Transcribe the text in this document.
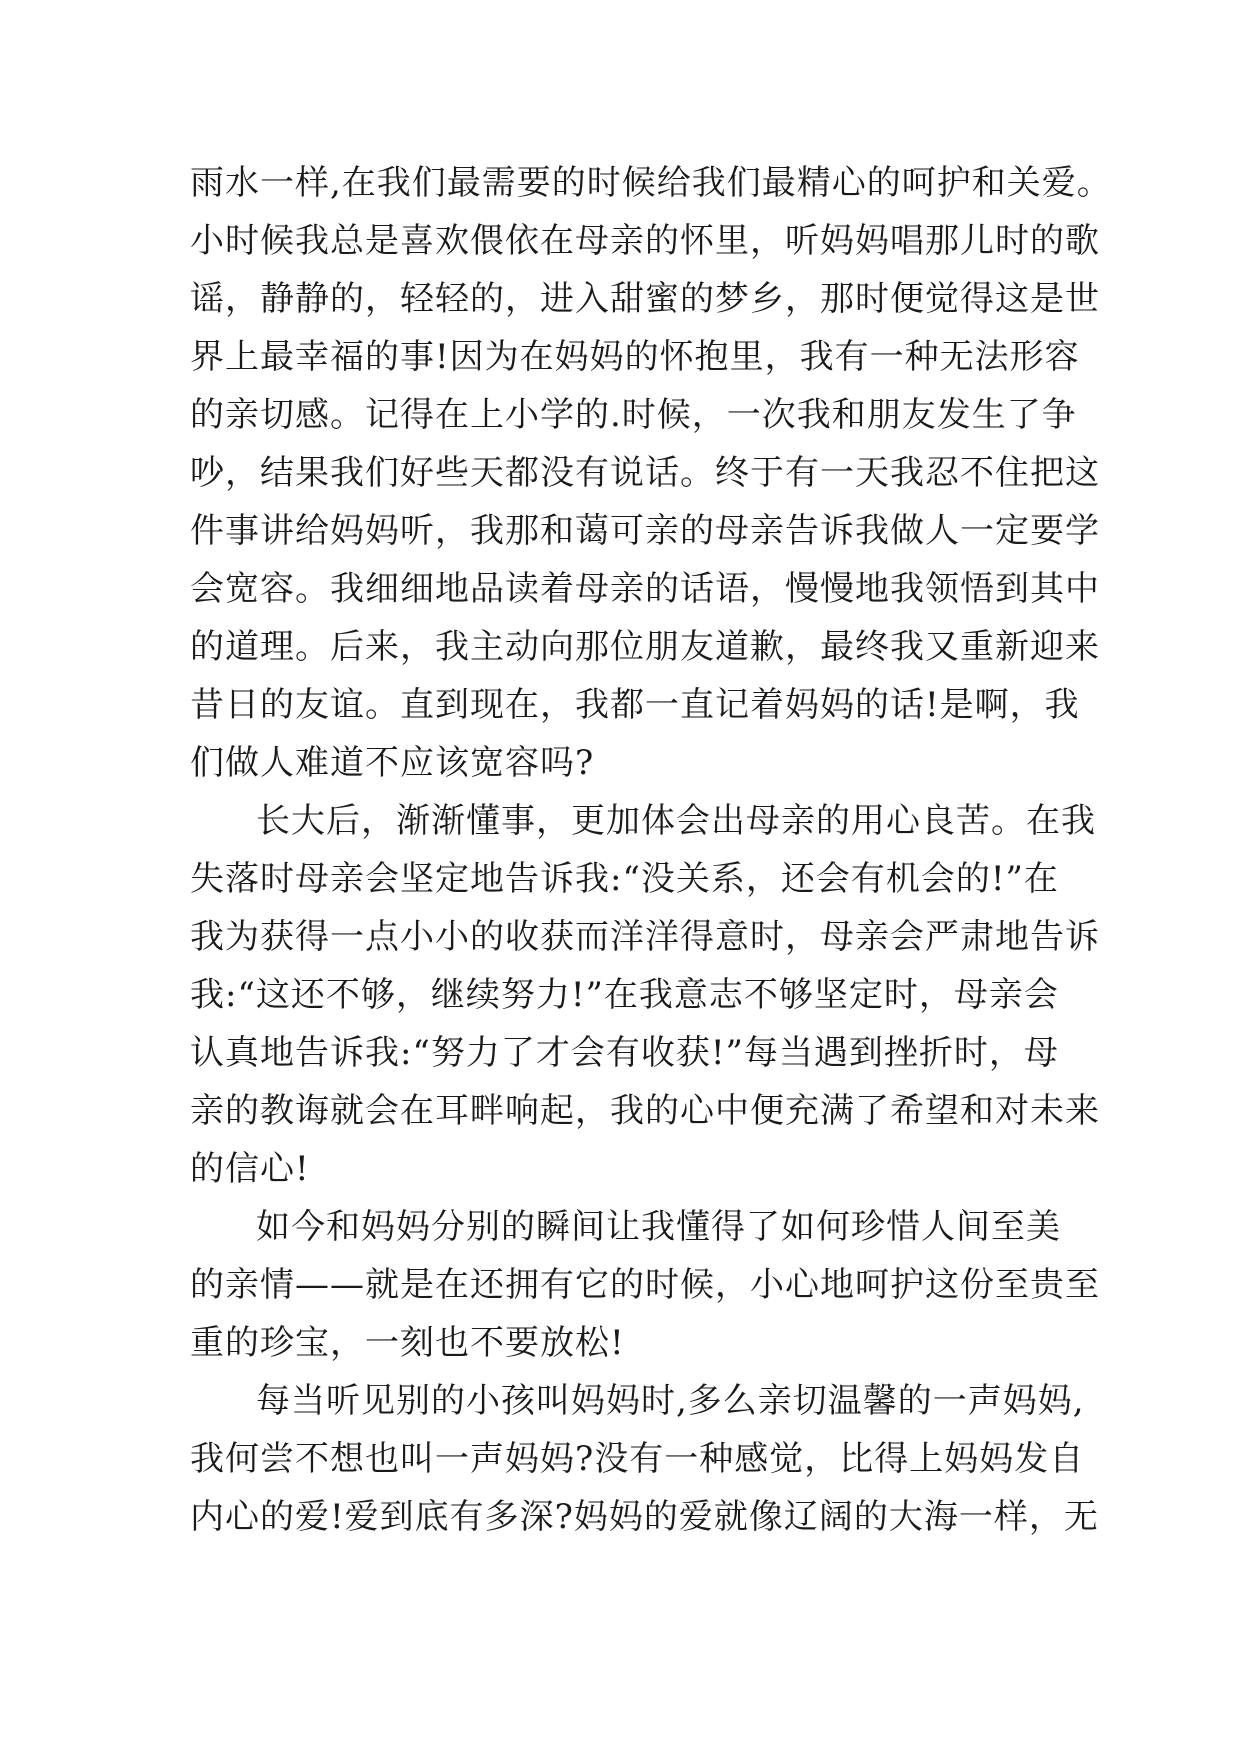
雨水一样,在我们最需要的时候给我们最精心的呵护和关爱。
小时候我总是喜欢偎依在母亲的怀里，听妈妈唱那儿时的歌
谣，静静的，轻轻的，进入甜蜜的梦乡，那时便觉得这是世
界上最幸福的事!因为在妈妈的怀抱里，我有一种无法形容
的亲切感。记得在上小学的.时候，一次我和朋友发生了争
吵，结果我们好些天都没有说话。终于有一天我忍不住把这
件事讲给妈妈听，我那和蔼可亲的母亲告诉我做人一定要学
会宽容。我细细地品读着母亲的话语，慢慢地我领悟到其中
的道理。后来，我主动向那位朋友道歉，最终我又重新迎来
昔日的友谊。直到现在，我都一直记着妈妈的话!是啊，我
们做人难道不应该宽容吗?
长大后，渐渐懂事，更加体会出母亲的用心良苦。在我
失落时母亲会坚定地告诉我:“没关系，还会有机会的!”在
我为获得一点小小的收获而洋洋得意时，母亲会严肃地告诉
我:“这还不够，继续努力!”在我意志不够坚定时，母亲会
认真地告诉我:“努力了才会有收获!”每当遇到挫折时，母
亲的教诲就会在耳畔响起，我的心中便充满了希望和对未来
的信心!
如今和妈妈分别的瞬间让我懂得了如何珍惜人间至美
的亲情——就是在还拥有它的时候，小心地呵护这份至贵至
重的珍宝，一刻也不要放松!
每当听见别的小孩叫妈妈时,多么亲切温馨的一声妈妈,
我何尝不想也叫一声妈妈?没有一种感觉，比得上妈妈发自
内心的爱!爱到底有多深?妈妈的爱就像辽阔的大海一样，无
